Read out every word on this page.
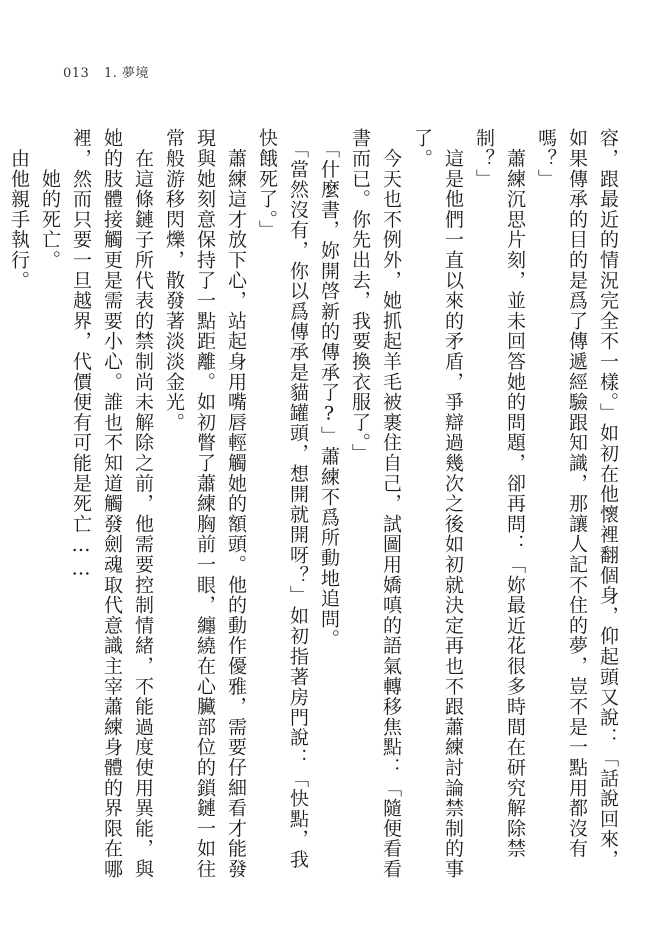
013 1. 夢境

容，跟最近的情況完全不一樣。」如初在他懷裡翻個身，仰起頭又說：「話說回來，如果傳承的目的是爲了傳遞經驗跟知識，那讓人記不住的夢，豈不是一點用都沒有嗎？」

　蕭練沉思片刻，並未回答她的問題，卻再問：「妳最近花很多時間在研究解除禁制？」

　這是他們一直以來的矛盾，爭辯過幾次之後如初就決定再也不跟蕭練討論禁制的事了。

　今天也不例外，她抓起羊毛被裹住自己，試圖用嬌嗔的語氣轉移焦點：「隨便看看書而已。你先出去，我要換衣服了。」

　「什麼書，妳開啓新的傳承了?」蕭練不爲所動地追問。

　「當然沒有，你以爲傳承是貓罐頭，想開就開呀？」如初指著房門說：「快點，我快餓死了。」

　蕭練這才放下心，站起身用嘴唇輕觸她的額頭。他的動作優雅，需要仔細看才能發現與她刻意保持了一點距離。如初瞥了蕭練胸前一眼，纏繞在心臟部位的鎖鏈一如往常般游移閃爍，散發著淡淡金光。

　在這條鏈子所代表的禁制尚未解除之前，他需要控制情緒，不能過度使用異能，與她的肢體接觸更是需要小心。誰也不知道觸發劍魂取代意識主宰蕭練身體的界限在哪裡，然而只要一旦越界，代價便有可能是死亡……

　　她的死亡。

　由他親手執行。
